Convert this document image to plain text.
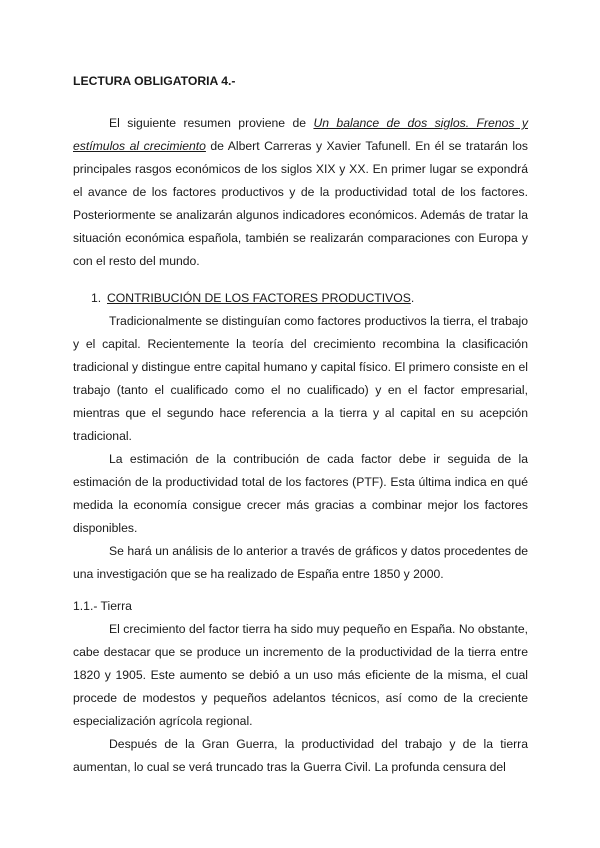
LECTURA OBLIGATORIA 4.-

El siguiente resumen proviene de Un balance de dos siglos. Frenos y estímulos al crecimiento de Albert Carreras y Xavier Tafunell. En él se tratarán los principales rasgos económicos de los siglos XIX y XX. En primer lugar se expondrá el avance de los factores productivos y de la productividad total de los factores. Posteriormente se analizarán algunos indicadores económicos. Además de tratar la situación económica española, también se realizarán comparaciones con Europa y con el resto del mundo.

1. CONTRIBUCIÓN DE LOS FACTORES PRODUCTIVOS.

Tradicionalmente se distinguían como factores productivos la tierra, el trabajo y el capital. Recientemente la teoría del crecimiento recombina la clasificación tradicional y distingue entre capital humano y capital físico. El primero consiste en el trabajo (tanto el cualificado como el no cualificado) y en el factor empresarial, mientras que el segundo hace referencia a la tierra y al capital en su acepción tradicional.

La estimación de la contribución de cada factor debe ir seguida de la estimación de la productividad total de los factores (PTF). Esta última indica en qué medida la economía consigue crecer más gracias a combinar mejor los factores disponibles.

Se hará un análisis de lo anterior a través de gráficos y datos procedentes de una investigación que se ha realizado de España entre 1850 y 2000.

1.1.- Tierra

El crecimiento del factor tierra ha sido muy pequeño en España. No obstante, cabe destacar que se produce un incremento de la productividad de la tierra entre 1820 y 1905. Este aumento se debió a un uso más eficiente de la misma, el cual procede de modestos y pequeños adelantos técnicos, así como de la creciente especialización agrícola regional.

Después de la Gran Guerra, la productividad del trabajo y de la tierra aumentan, lo cual se verá truncado tras la Guerra Civil. La profunda censura del
